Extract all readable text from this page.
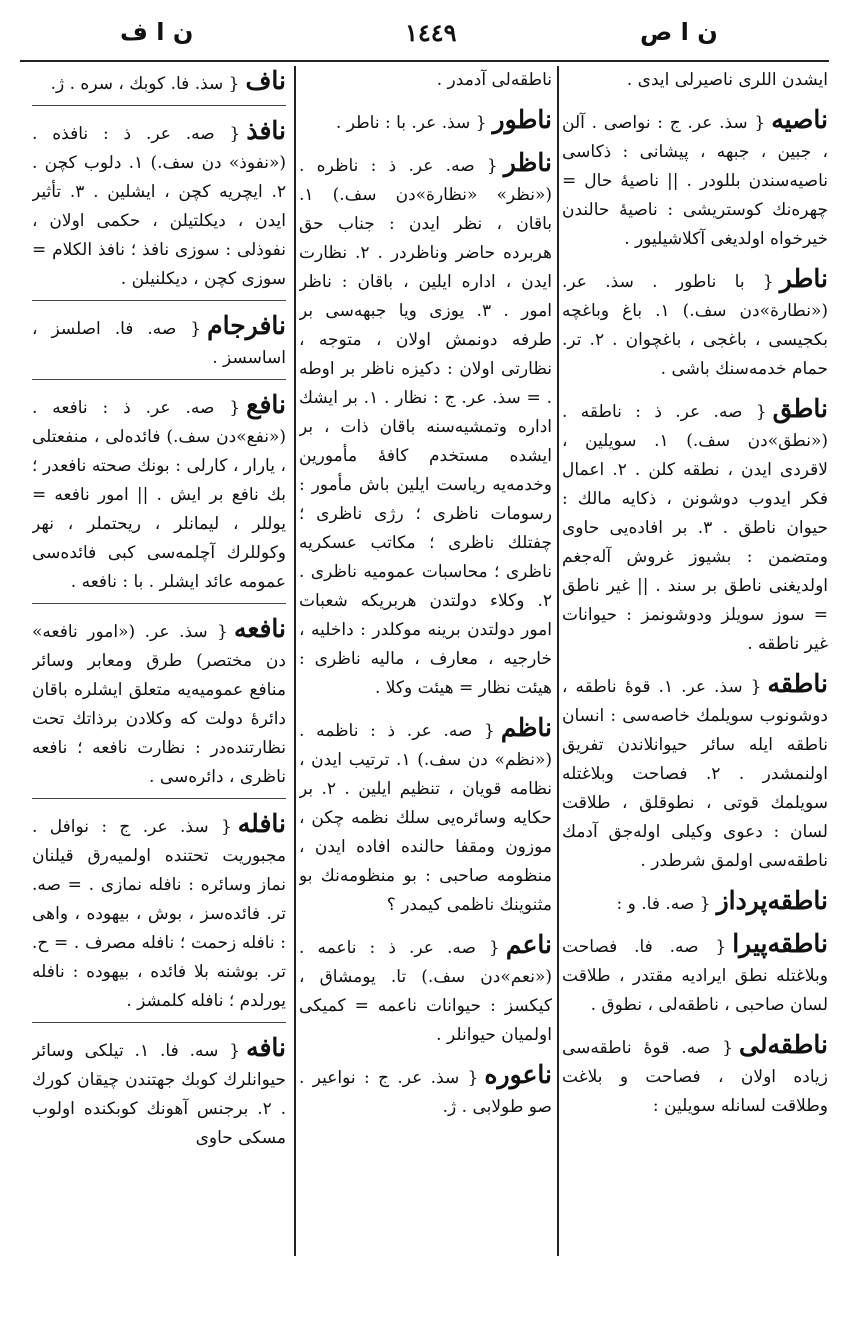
ن ا ف	١٤٤٩	ن ا ص

ايشدن اللرى ناصيرلى ايدى .

ناصيه{ سذ. عر. ج : نواصى . آلن ، جبين ، جبهه ، پيشانى : ذكاسى ناصيه‌سندن بللودر . || ناصيۀ حال = چهره‌نك كوستريشى : ناصيۀ حالندن خيرخواه اولديغى آكلاشيليور .

ناطر{ با ناطور . سذ. عر. («نطارة»دن سف.) ١. باغ وباغچه بكجيسى ، باغجى ، باغچوان . ٢. تر. حمام خدمه‌سنك باشى .

ناطق{ صه. عر. ذ : ناطقه . («نطق»دن سف.) ١. سويلين ، لاقردى ايدن ، نطقه كلن . ٢. اعمال فكر ايدوب دوشونن ، ذكايه مالك : حيوان ناطق . ٣. بر افاده‌يى حاوى ومتضمن : بشيوز غروش آله‌جغم اولديغنى ناطق بر سند . || غير ناطق = سوز سويلز ودوشونمز : حيوانات غير ناطقه .

ناطقه{ سذ. عر. ١. قوۀ ناطقه ، دوشونوب سويلمك خاصه‌سى : انسان ناطقه ايله سائر حيوانلاندن تفريق اولنمشدر . ٢. فصاحت وبلاغتله سويلمك قوتى ، نطوقلق ، طلاقت لسان : دعوى وكيلى اوله‌جق آدمك ناطقه‌سى اولمق شرطدر .

ناطقه‌پرداز{ صه. فا. و :

ناطقه‌پيرا{ صه. فا. فصاحت وبلاغتله نطق ايراديه مقتدر ، طلاقت لسان صاحبى ، ناطقه‌لى ، نطوق .

ناطقه‌لى{ صه. قوۀ ناطقه‌سى زياده اولان ، فصاحت و بلاغت وطلاقت لسانله سويلين :

ناطقه‌لى آدمدر .

ناطور{ سذ. عر. با : ناطر .

ناظر{ صه. عر. ذ : ناظره . («نظر» «نظارة»دن سف.) ١. باقان ، نظر ايدن : جناب حق هربرده حاضر وناظردر . ٢. نظارت ايدن ، اداره ايلين ، باقان : ناظر امور . ٣. يوزى ويا جبهه‌سى بر طرفه دونمش اولان ، متوجه ، نظارتى اولان : دكيزه ناظر بر اوطه . = سذ. عر. ج : نظار . ١. بر ايشك اداره وتمشيه‌سنه باقان ذات ، بر ايشده مستخدم كافۀ مأمورين وخدمه‌يه رياست ايلين باش مأمور : رسومات ناظرى ؛ رژى ناظرى ؛ چفتلك ناظرى ؛ مكاتب عسكريه ناظرى ؛ محاسبات عموميه ناظرى . ٢. وكلاء دولتدن هربريكه شعبات امور دولتدن برينه موكلدر : داخليه ، خارجيه ، معارف ، ماليه ناظرى : هيئت نظار = هيئت وكلا .

ناظم{ صه. عر. ذ : ناظمه . («نظم» دن سف.) ١. ترتيب ايدن ، نظامه قويان ، تنظيم ايلين . ٢. بر حكايه وسائره‌يى سلك نظمه چكن ، موزون ومقفا حالنده افاده ايدن ، منظومه صاحبى : بو منظومه‌نك بو مثنوينك ناظمى كيمدر ؟

ناعم{ صه. عر. ذ : ناعمه . («نعم»دن سف.) تا. يومشاق ، كيكسز : حيوانات ناعمه = كميكى اولميان حيوانلر .

ناعوره{ سذ. عر. ج : نواعير . صو طولابى . ژ.

ناف{ سذ. فا. كوبك ، سره . ژ.

نافذ{ صه. عر. ذ : نافذه . («نفوذ» دن سف.) ١. دلوب كچن . ٢. ايچريه كچن ، ايشلين . ٣. تأثير ايدن ، ديكلتيلن ، حكمى اولان ، نفوذلى : سوزى نافذ ؛ نافذ الكلام = سوزى كچن ، ديكلنيلن .

نافرجام{ صه. فا. اصلسز ، اساسسز .

نافع{ صه. عر. ذ : نافعه . («نفع»دن سف.) فائده‌لى ، منفعتلى ، يارار ، كارلى : بونك صحته نافعدر ؛ بك نافع بر ايش . || امور نافعه = يوللر ، ليمانلر ، ريحتملر ، نهر وكوللرك آچلمه‌سى كبى فائده‌سى عمومه عائد ايشلر . با : نافعه .

نافعه{ سذ. عر. («امور نافعه» دن مختصر) طرق ومعابر وسائر منافع عموميه‌يه متعلق ايشلره باقان دائرۀ دولت كه وكلادن برذاتك تحت نظارتنده‌در : نظارت نافعه ؛ نافعه ناظرى ، دائره‌سى .

نافله{ سذ. عر. ج : نوافل . مجبوريت تحتنده اولميه‌رق قيلنان نماز وسائره : نافله نمازى . = صه. تر. فائده‌سز ، بوش ، بيهوده ، واهى : نافله زحمت ؛ نافله مصرف . = ح. تر. بوشنه بلا فائده ، بيهوده : نافله يورلدم ؛ نافله كلمشز .

نافه{ سه. فا. ١. تيلكى وسائر حيوانلرك كوبك جهتندن چيقان كورك . ٢. برجنس آهونك كوبكنده اولوب مسكى حاوى
